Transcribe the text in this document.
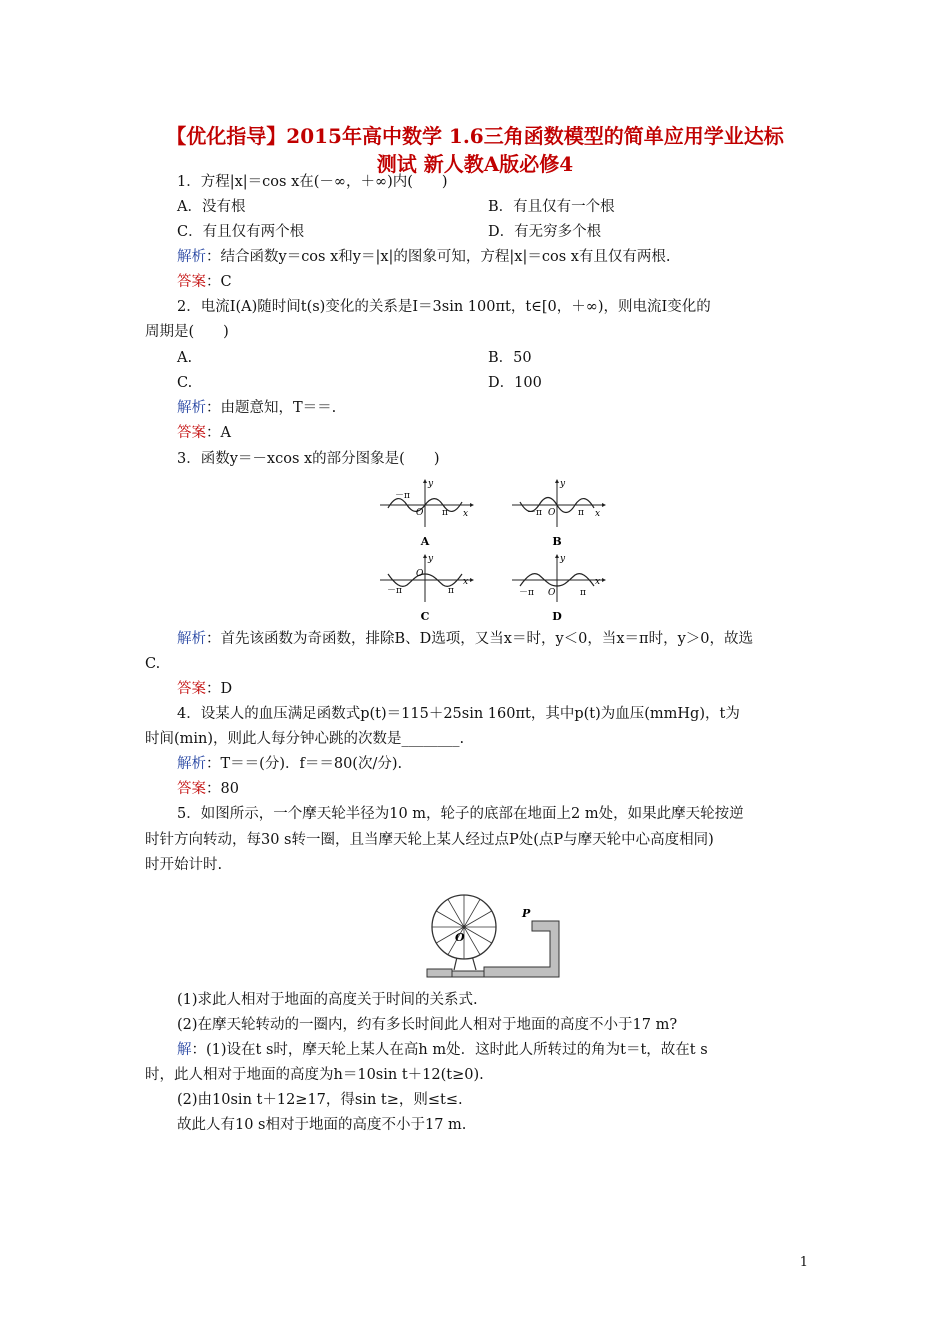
【优化指导】2015年高中数学 1.6三角函数模型的简单应用学业达标
测试 新人教A版必修4
1．方程|x|＝cos x在(－∞，＋∞)内(　　)
A．没有根	B．有且仅有一个根
C．有且仅有两个根	D．有无穷多个根
解析：结合函数y＝cos x和y＝|x|的图象可知，方程|x|＝cos x有且仅有两根.
答案：C
2．电流I(A)随时间t(s)变化的关系是I＝3sin 100πt，t∈[0，＋∞)，则电流I变化的
周期是(　　)
A.	B．50
C.	D．100
解析：由题意知，T＝＝.
答案：A
3．函数y＝－xcos x的部分图象是(　　)
－π
π
O	x
y
A
－π	π
O	x
y
B
－π	π
O
x
y
C
－π	π
O
x
y
D
解析：首先该函数为奇函数，排除B、D选项，又当x＝时，y＜0，当x＝π时，y＞0，故选
C.
答案：D
4．设某人的血压满足函数式p(t)＝115＋25sin 160πt，其中p(t)为血压(mmHg)，t为
时间(min)，则此人每分钟心跳的次数是________.
解析：T＝＝(分)．f＝＝80(次/分).
答案：80
5．如图所示，一个摩天轮半径为10 m，轮子的底部在地面上2 m处，如果此摩天轮按逆
时针方向转动，每30 s转一圈，且当摩天轮上某人经过点P处(点P与摩天轮中心高度相同)
时开始计时.
O
P
(1)求此人相对于地面的高度关于时间的关系式.
(2)在摩天轮转动的一圈内，约有多长时间此人相对于地面的高度不小于17 m?
解：(1)设在t s时，摩天轮上某人在高h m处．这时此人所转过的角为t＝t，故在t s
时，此人相对于地面的高度为h＝10sin t＋12(t≥0).
(2)由10sin t＋12≥17，得sin t≥，则≤t≤.
故此人有10 s相对于地面的高度不小于17 m.
1
